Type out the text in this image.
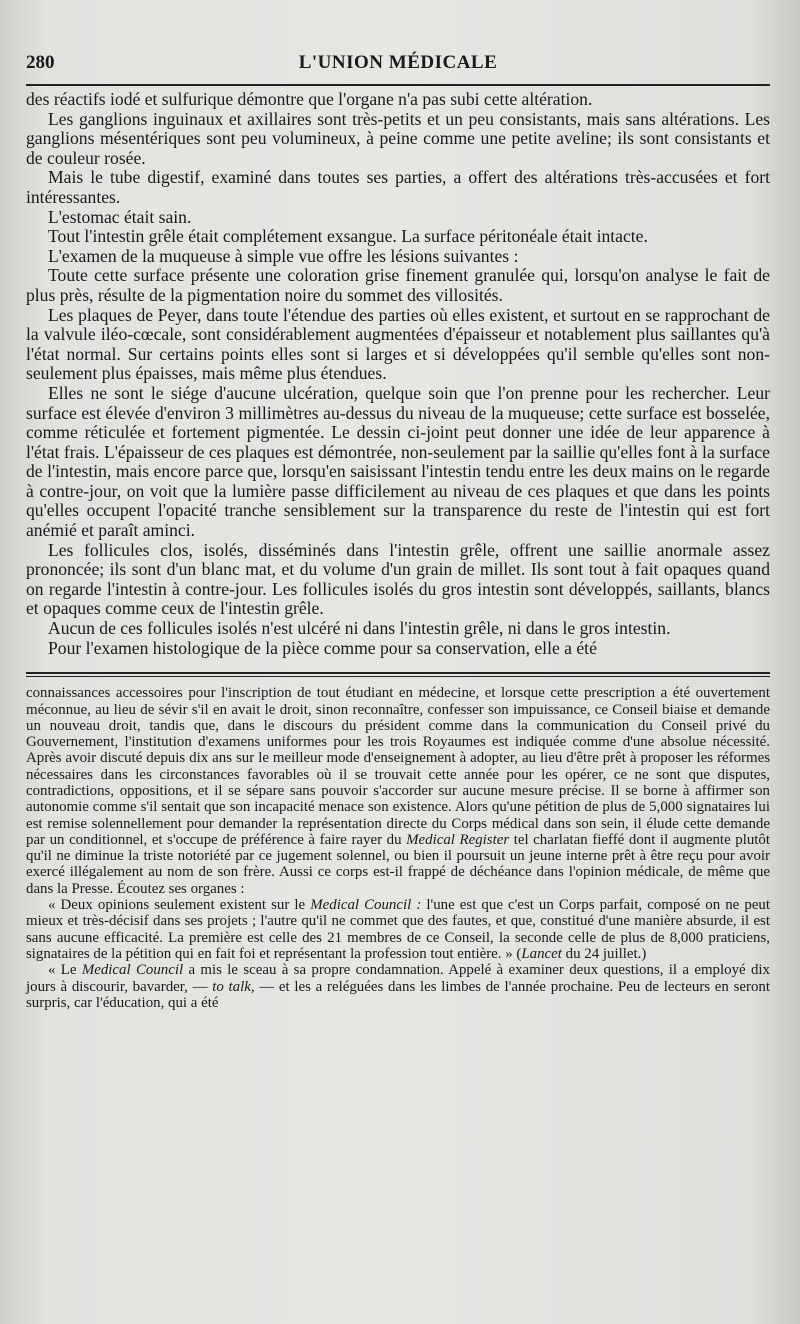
L'UNION MÉDICALE
280

des réactifs iodé et sulfurique démontre que l'organe n'a pas subi cette altération.

Les ganglions inguinaux et axillaires sont très-petits et un peu consistants, mais sans altérations. Les ganglions mésentériques sont peu volumineux, à peine comme une petite aveline; ils sont consistants et de couleur rosée.

Mais le tube digestif, examiné dans toutes ses parties, a offert des altérations très-accusées et fort intéressantes.

L'estomac était sain.

Tout l'intestin grêle était complétement exsangue. La surface péritonéale était intacte.

L'examen de la muqueuse à simple vue offre les lésions suivantes :

Toute cette surface présente une coloration grise finement granulée qui, lorsqu'on analyse le fait de plus près, résulte de la pigmentation noire du sommet des villosités.

Les plaques de Peyer, dans toute l'étendue des parties où elles existent, et surtout en se rapprochant de la valvule iléo-cœcale, sont considérablement augmentées d'épaisseur et notablement plus saillantes qu'à l'état normal. Sur certains points elles sont si larges et si développées qu'il semble qu'elles sont non-seulement plus épaisses, mais même plus étendues.

Elles ne sont le siége d'aucune ulcération, quelque soin que l'on prenne pour les rechercher. Leur surface est élevée d'environ 3 millimètres au-dessus du niveau de la muqueuse; cette surface est bosselée, comme réticulée et fortement pigmentée. Le dessin ci-joint peut donner une idée de leur apparence à l'état frais. L'épaisseur de ces plaques est démontrée, non-seulement par la saillie qu'elles font à la surface de l'intestin, mais encore parce que, lorsqu'en saisissant l'intestin tendu entre les deux mains on le regarde à contre-jour, on voit que la lumière passe difficilement au niveau de ces plaques et que dans les points qu'elles occupent l'opacité tranche sensiblement sur la transparence du reste de l'intestin qui est fort anémié et paraît aminci.

Les follicules clos, isolés, disséminés dans l'intestin grêle, offrent une saillie anormale assez prononcée; ils sont d'un blanc mat, et du volume d'un grain de millet. Ils sont tout à fait opaques quand on regarde l'intestin à contre-jour. Les follicules isolés du gros intestin sont développés, saillants, blancs et opaques comme ceux de l'intestin grêle.

Aucun de ces follicules isolés n'est ulcéré ni dans l'intestin grêle, ni dans le gros intestin.

Pour l'examen histologique de la pièce comme pour sa conservation, elle a été

connaissances accessoires pour l'inscription de tout étudiant en médecine, et lorsque cette prescription a été ouvertement méconnue, au lieu de sévir s'il en avait le droit, sinon reconnaître, confesser son impuissance, ce Conseil biaise et demande un nouveau droit, tandis que, dans le discours du président comme dans la communication du Conseil privé du Gouvernement, l'institution d'examens uniformes pour les trois Royaumes est indiquée comme d'une absolue nécessité. Après avoir discuté depuis dix ans sur le meilleur mode d'enseignement à adopter, au lieu d'être prêt à proposer les réformes nécessaires dans les circonstances favorables où il se trouvait cette année pour les opérer, ce ne sont que disputes, contradictions, oppositions, et il se sépare sans pouvoir s'accorder sur aucune mesure précise. Il se borne à affirmer son autonomie comme s'il sentait que son incapacité menace son existence. Alors qu'une pétition de plus de 5,000 signataires lui est remise solennellement pour demander la représentation directe du Corps médical dans son sein, il élude cette demande par un conditionnel, et s'occupe de préférence à faire rayer du Medical Register tel charlatan fieffé dont il augmente plutôt qu'il ne diminue la triste notoriété par ce jugement solennel, ou bien il poursuit un jeune interne prêt à être reçu pour avoir exercé illégalement au nom de son frère. Aussi ce corps est-il frappé de déchéance dans l'opinion médicale, de même que dans la Presse. Écoutez ses organes :

« Deux opinions seulement existent sur le Medical Council : l'une est que c'est un Corps parfait, composé on ne peut mieux et très-décisif dans ses projets ; l'autre qu'il ne commet que des fautes, et que, constitué d'une manière absurde, il est sans aucune efficacité. La première est celle des 21 membres de ce Conseil, la seconde celle de plus de 8,000 praticiens, signataires de la pétition qui en fait foi et représentant la profession tout entière. » (Lancet du 24 juillet.)

« Le Medical Council a mis le sceau à sa propre condamnation. Appelé à examiner deux questions, il a employé dix jours à discourir, bavarder, — to talk, — et les a reléguées dans les limbes de l'année prochaine. Peu de lecteurs en seront surpris, car l'éducation, qui a été
